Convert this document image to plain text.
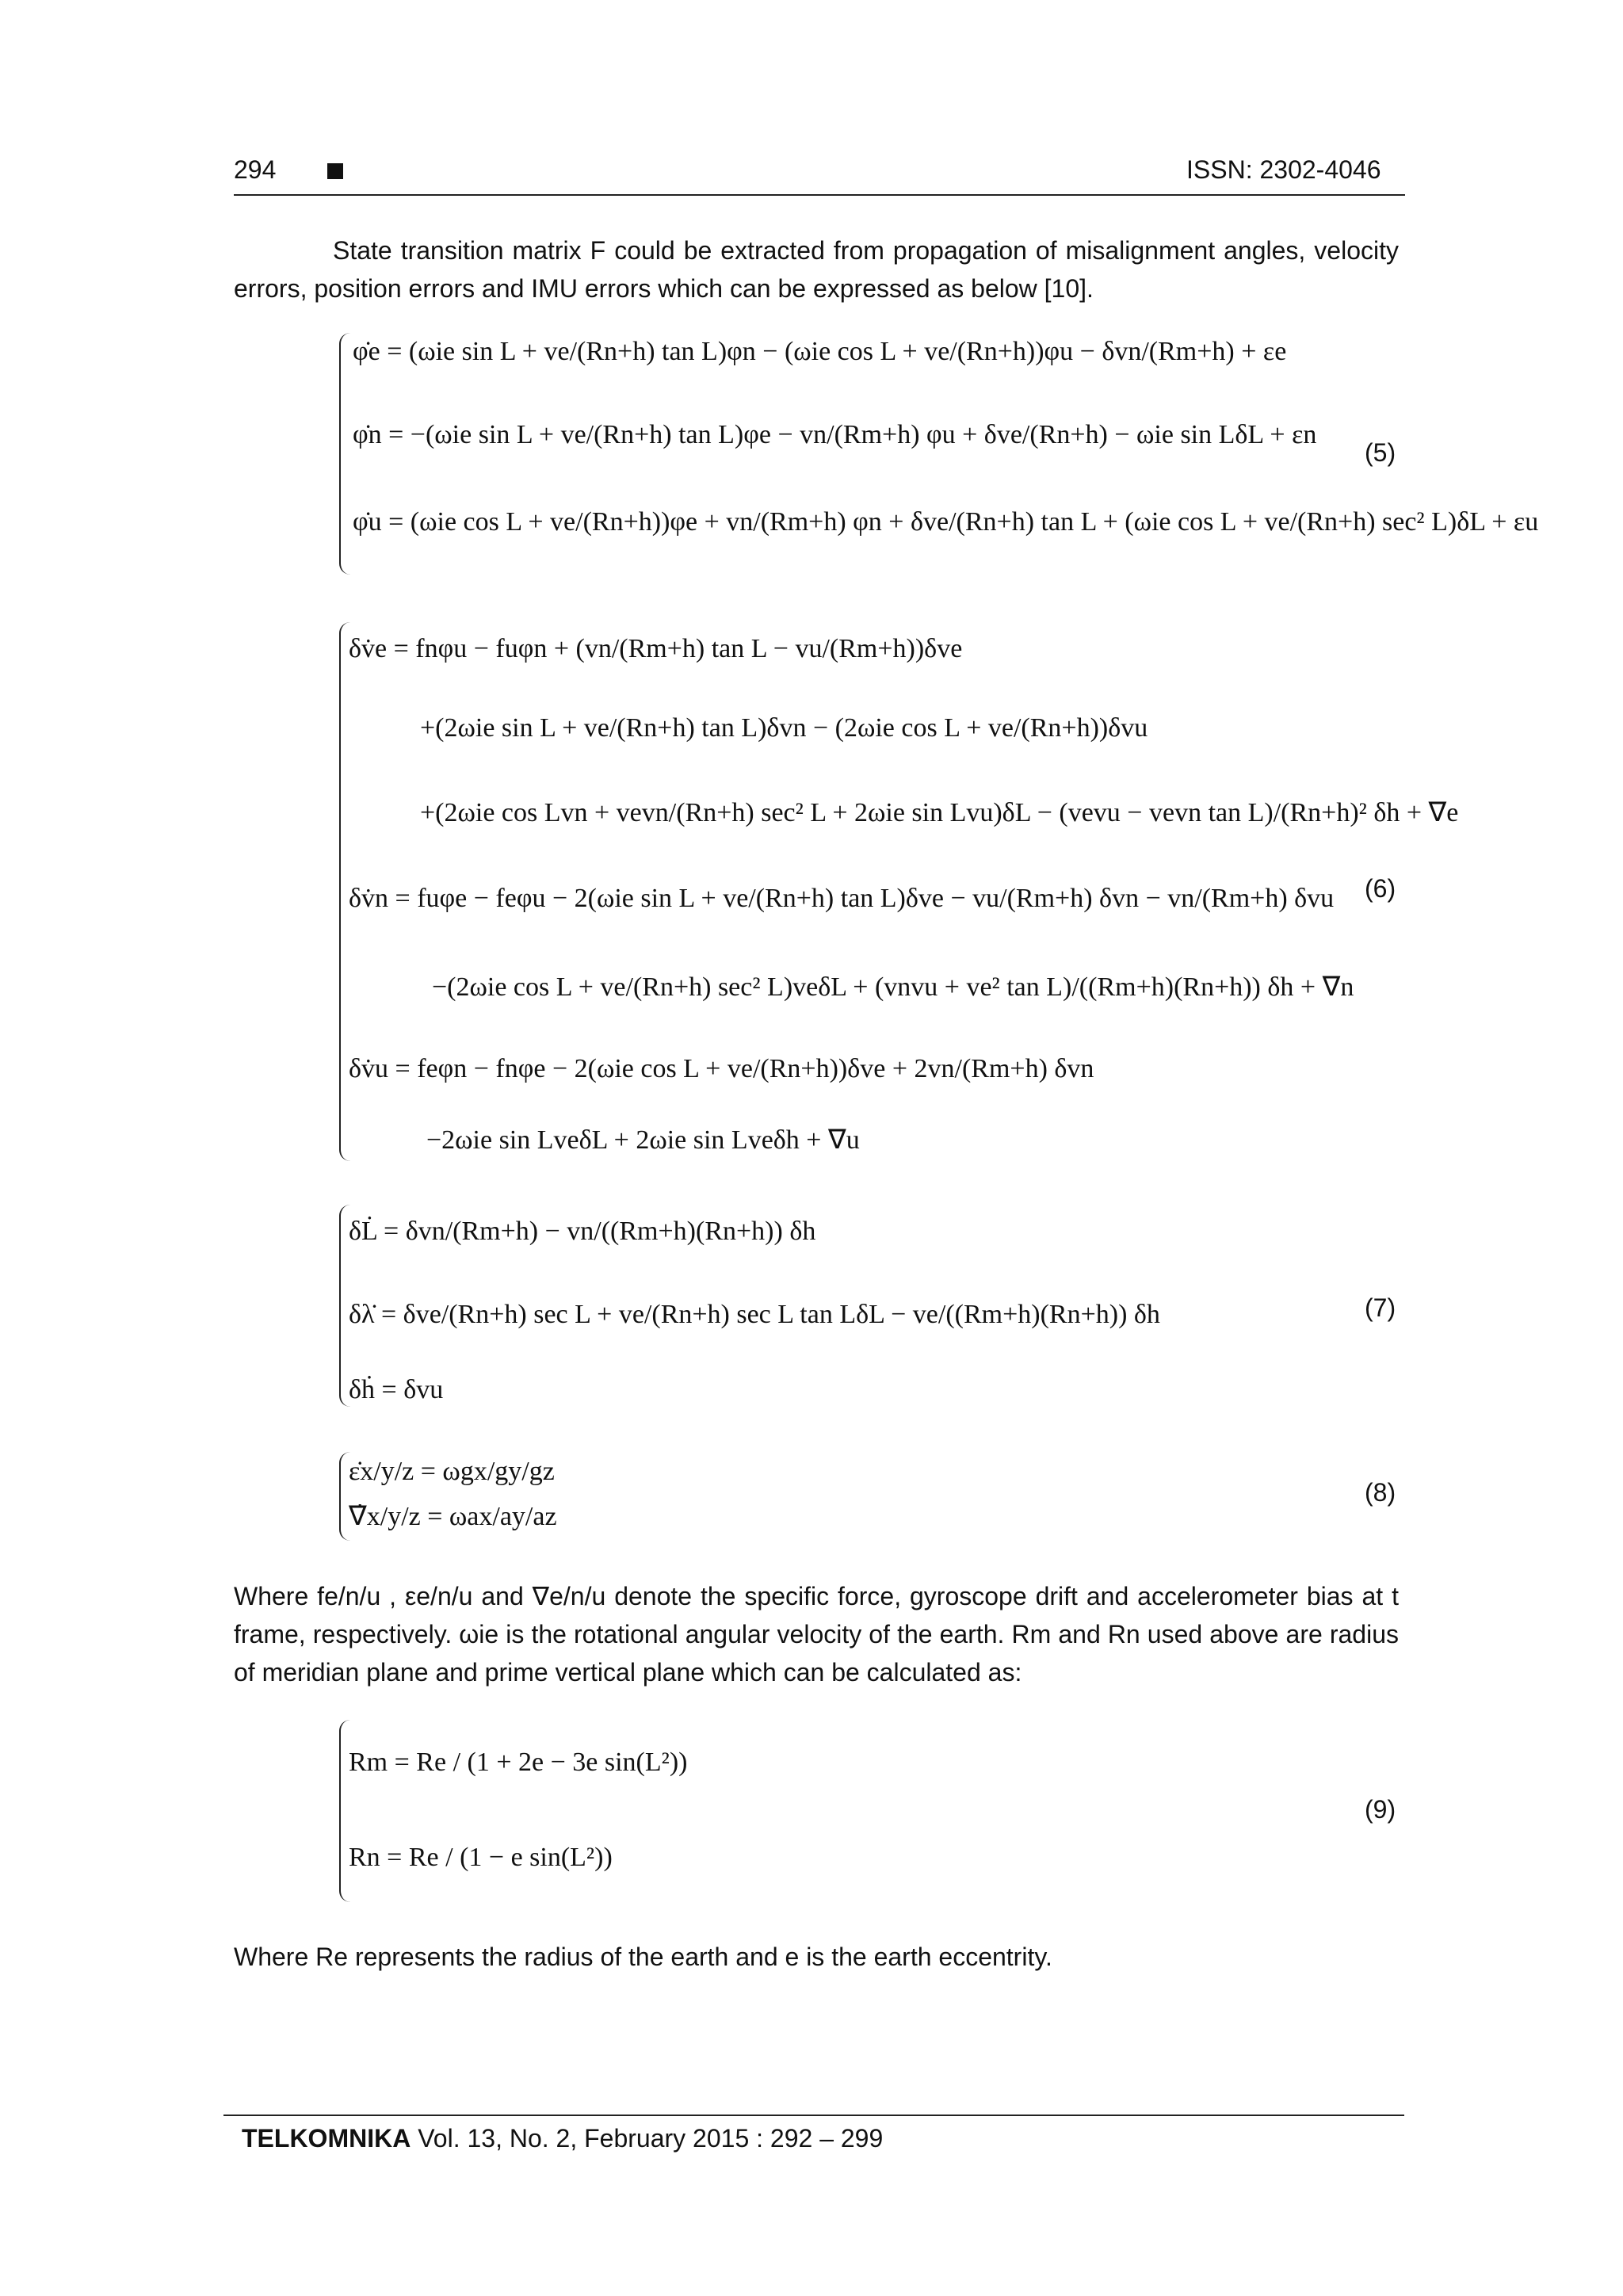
294	ISSN: 2302-4046
State transition matrix F could be extracted from propagation of misalignment angles, velocity errors, position errors and IMU errors which can be expressed as below [10].
φ̇e = (ωie sin L + ve/(Rn+h) tan L)φn − (ωie cos L + ve/(Rn+h))φu − δvn/(Rm+h) + εe
φ̇n = −(ωie sin L + ve/(Rn+h) tan L)φe − vn/(Rm+h) φu + δve/(Rn+h) − ωie sin LδL + εn
φ̇u = (ωie cos L + ve/(Rn+h))φe + vn/(Rm+h) φn + δve/(Rn+h) tan L + (ωie cos L + ve/(Rn+h) sec² L)δL + εu
(5)
δv̇e = fnφu − fuφn + (vn/(Rm+h) tan L − vu/(Rm+h))δve
+(2ωie sin L + ve/(Rn+h) tan L)δvn − (2ωie cos L + ve/(Rn+h))δvu
+(2ωie cos Lvn + vevn/(Rn+h) sec² L + 2ωie sin Lvu)δL − (vevu − vevn tan L)/(Rn+h)² δh + ∇e
δv̇n = fuφe − feφu − 2(ωie sin L + ve/(Rn+h) tan L)δve − vu/(Rm+h) δvn − vn/(Rm+h) δvu
−(2ωie cos L + ve/(Rn+h) sec² L)veδL + (vnvu + ve² tan L)/((Rm+h)(Rn+h)) δh + ∇n
δv̇u = feφn − fnφe − 2(ωie cos L + ve/(Rn+h))δve + 2vn/(Rm+h) δvn
−2ωie sin LveδL + 2ωie sin Lveδh + ∇u
(6)
δL̇ = δvn/(Rm+h) − vn/((Rm+h)(Rn+h)) δh
δλ̇ = δve/(Rn+h) sec L + ve/(Rn+h) sec L tan LδL − ve/((Rm+h)(Rn+h)) δh
δḣ = δvu
(7)
ε̇x/y/z = ωgx/gy/gz
∇̇x/y/z = ωax/ay/az
(8)
Where fe/n/u , εe/n/u and ∇e/n/u denote the specific force, gyroscope drift and accelerometer bias at t frame, respectively. ωie is the rotational angular velocity of the earth. Rm and Rn used above are radius of meridian plane and prime vertical plane which can be calculated as:
Rm = Re / (1 + 2e − 3e sin(L²))
Rn = Re / (1 − e sin(L²))
(9)
Where Re represents the radius of the earth and e is the earth eccentrity.
TELKOMNIKA Vol. 13, No. 2, February 2015 : 292 – 299
